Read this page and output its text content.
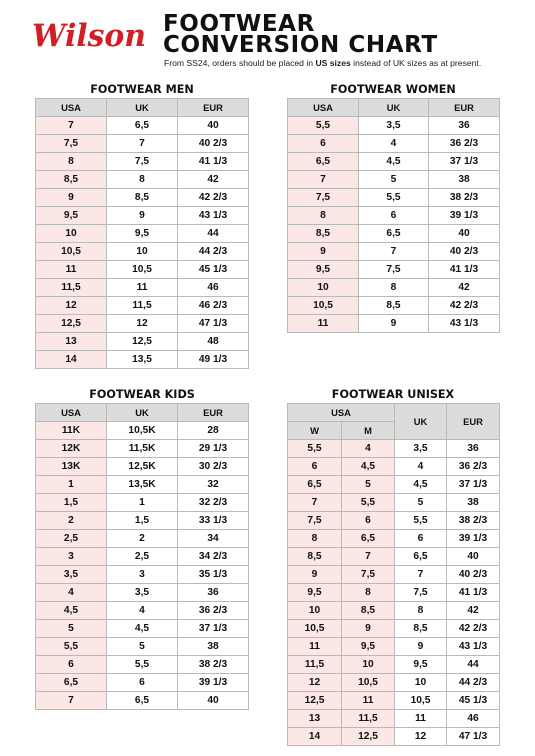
Wilson FOOTWEAR
CONVERSION CHART
From SS24, orders should be placed in US sizes instead of UK sizes as at present.
FOOTWEAR MEN
USA	UK	EUR
7	6,5	40
7,5	7	40 2/3
8	7,5	41 1/3
8,5	8	42
9	8,5	42 2/3
9,5	9	43 1/3
10	9,5	44
10,5	10	44 2/3
11	10,5	45 1/3
11,5	11	46
12	11,5	46 2/3
12,5	12	47 1/3
13	12,5	48
14	13,5	49 1/3
FOOTWEAR WOMEN
USA	UK	EUR
5,5	3,5	36
6	4	36 2/3
6,5	4,5	37 1/3
7	5	38
7,5	5,5	38 2/3
8	6	39 1/3
8,5	6,5	40
9	7	40 2/3
9,5	7,5	41 1/3
10	8	42
10,5	8,5	42 2/3
11	9	43 1/3
FOOTWEAR KIDS
USA	UK	EUR
11K	10,5K	28
12K	11,5K	29 1/3
13K	12,5K	30 2/3
1	13,5K	32
1,5	1	32 2/3
2	1,5	33 1/3
2,5	2	34
3	2,5	34 2/3
3,5	3	35 1/3
4	3,5	36
4,5	4	36 2/3
5	4,5	37 1/3
5,5	5	38
6	5,5	38 2/3
6,5	6	39 1/3
7	6,5	40
FOOTWEAR UNISEX
USA		UK	EUR
W	M		
5,5	4	3,5	36
6	4,5	4	36 2/3
6,5	5	4,5	37 1/3
7	5,5	5	38
7,5	6	5,5	38 2/3
8	6,5	6	39 1/3
8,5	7	6,5	40
9	7,5	7	40 2/3
9,5	8	7,5	41 1/3
10	8,5	8	42
10,5	9	8,5	42 2/3
11	9,5	9	43 1/3
11,5	10	9,5	44
12	10,5	10	44 2/3
12,5	11	10,5	45 1/3
13	11,5	11	46
14	12,5	12	47 1/3
